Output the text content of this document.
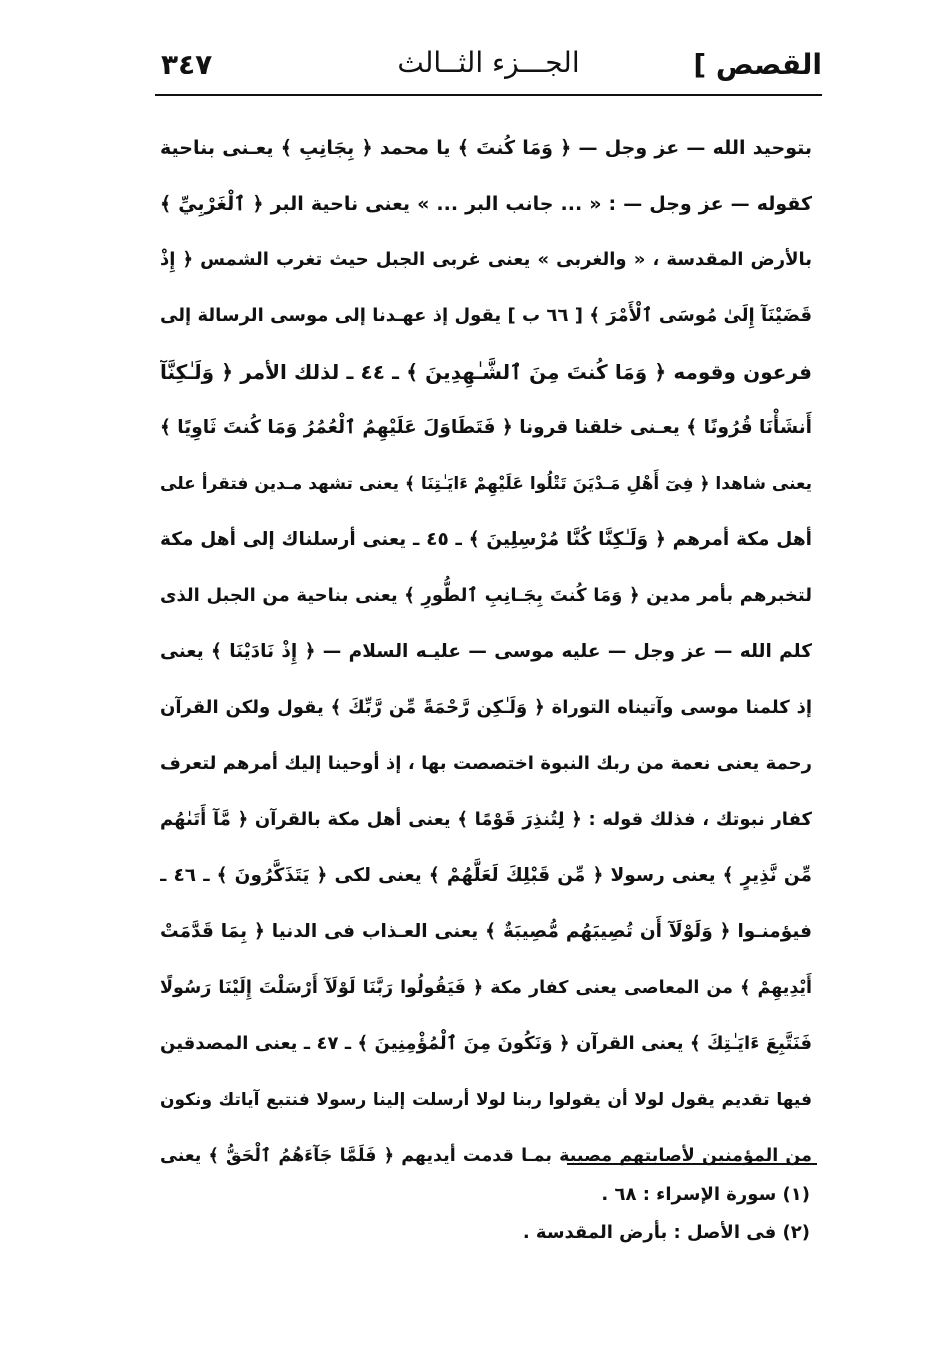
القصص ]
الجـــزء الثــالث
٣٤٧
بتوحيد الله — عز وجل — ﴿ وَمَا كُنتَ ﴾ يا محمد ﴿ بِجَانِبِ ﴾ يعـنى بناحية
كقوله — عز وجل — : « ... جانب البر ... » يعنى ناحية البر ﴿ ٱلْغَرْبِيِّ ﴾
بالأرض المقدسة ، « والغربى » يعنى غربى الجبل حيث تغرب الشمس ﴿ إِذْ
قَضَيْنَآ إِلَىٰ مُوسَى ٱلْأَمْرَ ﴾ [ ٦٦ ب ] يقول إذ عهـدنا إلى موسى الرسالة إلى
فرعون وقومه ﴿ وَمَا كُنتَ مِنَ ٱلشَّـٰهِدِينَ ﴾ ـ ٤٤ ـ لذلك الأمر ﴿ وَلَـٰكِنَّآ
أَنشَأْنَا قُرُونًا ﴾ يعـنى خلقنا قرونا ﴿ فَتَطَاوَلَ عَلَيْهِمُ ٱلْعُمُرُ وَمَا كُنتَ ثَاوِيًا ﴾
يعنى شاهدا ﴿ فِىٓ أَهْلِ مَـدْيَنَ تَتْلُوا عَلَيْهِمْ ءَايَـٰتِنَا ﴾ يعنى تشهد مـدين فتقرأ على
أهل مكة أمرهم ﴿ وَلَـٰكِنَّا كُنَّا مُرْسِلِينَ ﴾ ـ ٤٥ ـ يعنى أرسلناك إلى أهل مكة
لتخبرهم بأمر مدين ﴿ وَمَا كُنتَ بِجَـانِبِ ٱلطُّورِ ﴾ يعنى بناحية من الجبل الذى
كلم الله — عز وجل — عليه موسى — عليـه السلام — ﴿ إِذْ نَادَيْنَا ﴾ يعنى
إذ كلمنا موسى وآتيناه التوراة ﴿ وَلَـٰكِن رَّحْمَةً مِّن رَّبِّكَ ﴾ يقول ولكن القرآن
رحمة يعنى نعمة من ربك النبوة اختصصت بها ، إذ أوحينا إليك أمرهم لتعرف
كفار نبوتك ، فذلك قوله : ﴿ لِتُنذِرَ قَوْمًا ﴾ يعنى أهل مكة بالقرآن ﴿ مَّآ أَتَىٰهُم
مِّن نَّذِيرٍ ﴾ يعنى رسولا ﴿ مِّن قَبْلِكَ لَعَلَّهُمْ ﴾ يعنى لكى ﴿ يَتَذَكَّرُونَ ﴾ ـ ٤٦ ـ
فيؤمنـوا ﴿ وَلَوْلَآ أَن تُصِيبَهُم مُّصِيبَةٌ ﴾ يعنى العـذاب فى الدنيا ﴿ بِمَا قَدَّمَتْ
أَيْدِيهِمْ ﴾ من المعاصى يعنى كفار مكة ﴿ فَيَقُولُوا رَبَّنَا لَوْلَآ أَرْسَلْتَ إِلَيْنَا رَسُولًا
فَنَتَّبِعَ ءَايَـٰتِكَ ﴾ يعنى القرآن ﴿ وَنَكُونَ مِنَ ٱلْمُؤْمِنِينَ ﴾ ـ ٤٧ ـ يعنى المصدقين
فيها تقديم يقول لولا أن يقولوا ربنا لولا أرسلت إلينا رسولا فنتبع آياتك ونكون
من المؤمنين لأصابتهم مصيبة بمـا قدمت أيديهم ﴿ فَلَمَّا جَآءَهُمُ ٱلْحَقُّ ﴾ يعنى
(١) سورة الإسراء : ٦٨ .
(٢) فى الأصل : بأرض المقدسة .
